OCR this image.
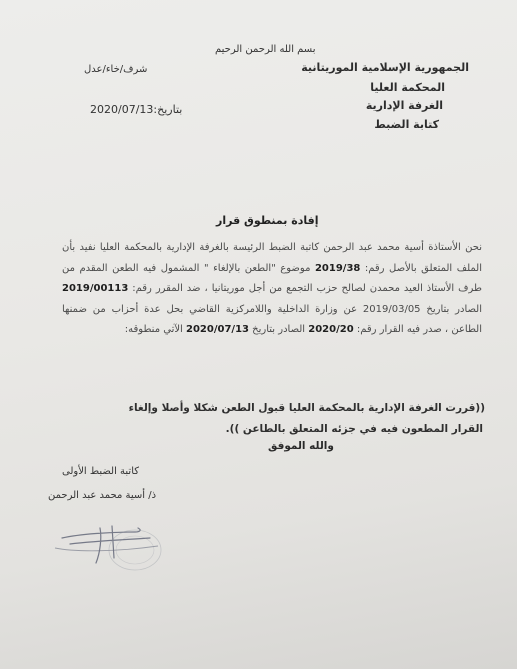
بسم الله الرحمن الرحيم
الجمهورية الإسلامية الموريتانية
المحكمة العليا
الغرفة الإدارية
كتابة الضبط
شرف/خاء/عدل
بتاريخ:2020/07/13
إفادة بمنطوق قرار
نحن الأستاذة أسية محمد عبد الرحمن كاتبة الضبط الرئيسة بالغرفة الإدارية بالمحكمة العليا نفيد بأن الملف المتعلق بالأصل رقم: 2019/38 موضوع "الطعن بالإلغاء " المشمول فيه الطعن المقدم من طرف الأستاذ العيد محمدن لصالح حزب التجمع من أجل موريتانيا ، ضد المقرر رقم: 2019/00113 الصادر بتاريخ 2019/03/05 عن وزارة الداخلية واللامركزية القاضي بحل عدة أحزاب من ضمنها الطاعن ، صدر فيه القرار رقم: 2020/20 الصادر بتاريخ 2020/07/13 الآتي منطوقه:
((قررت الغرفة الإدارية بالمحكمة العليا قبول الطعن شكلا وأصلا وإلغاء
القرار المطعون فيه في جزئه المتعلق بالطاعن )).
والله الموفق
كاتبة الضبط الأولى
ذ/ أسية محمد عبد الرحمن
